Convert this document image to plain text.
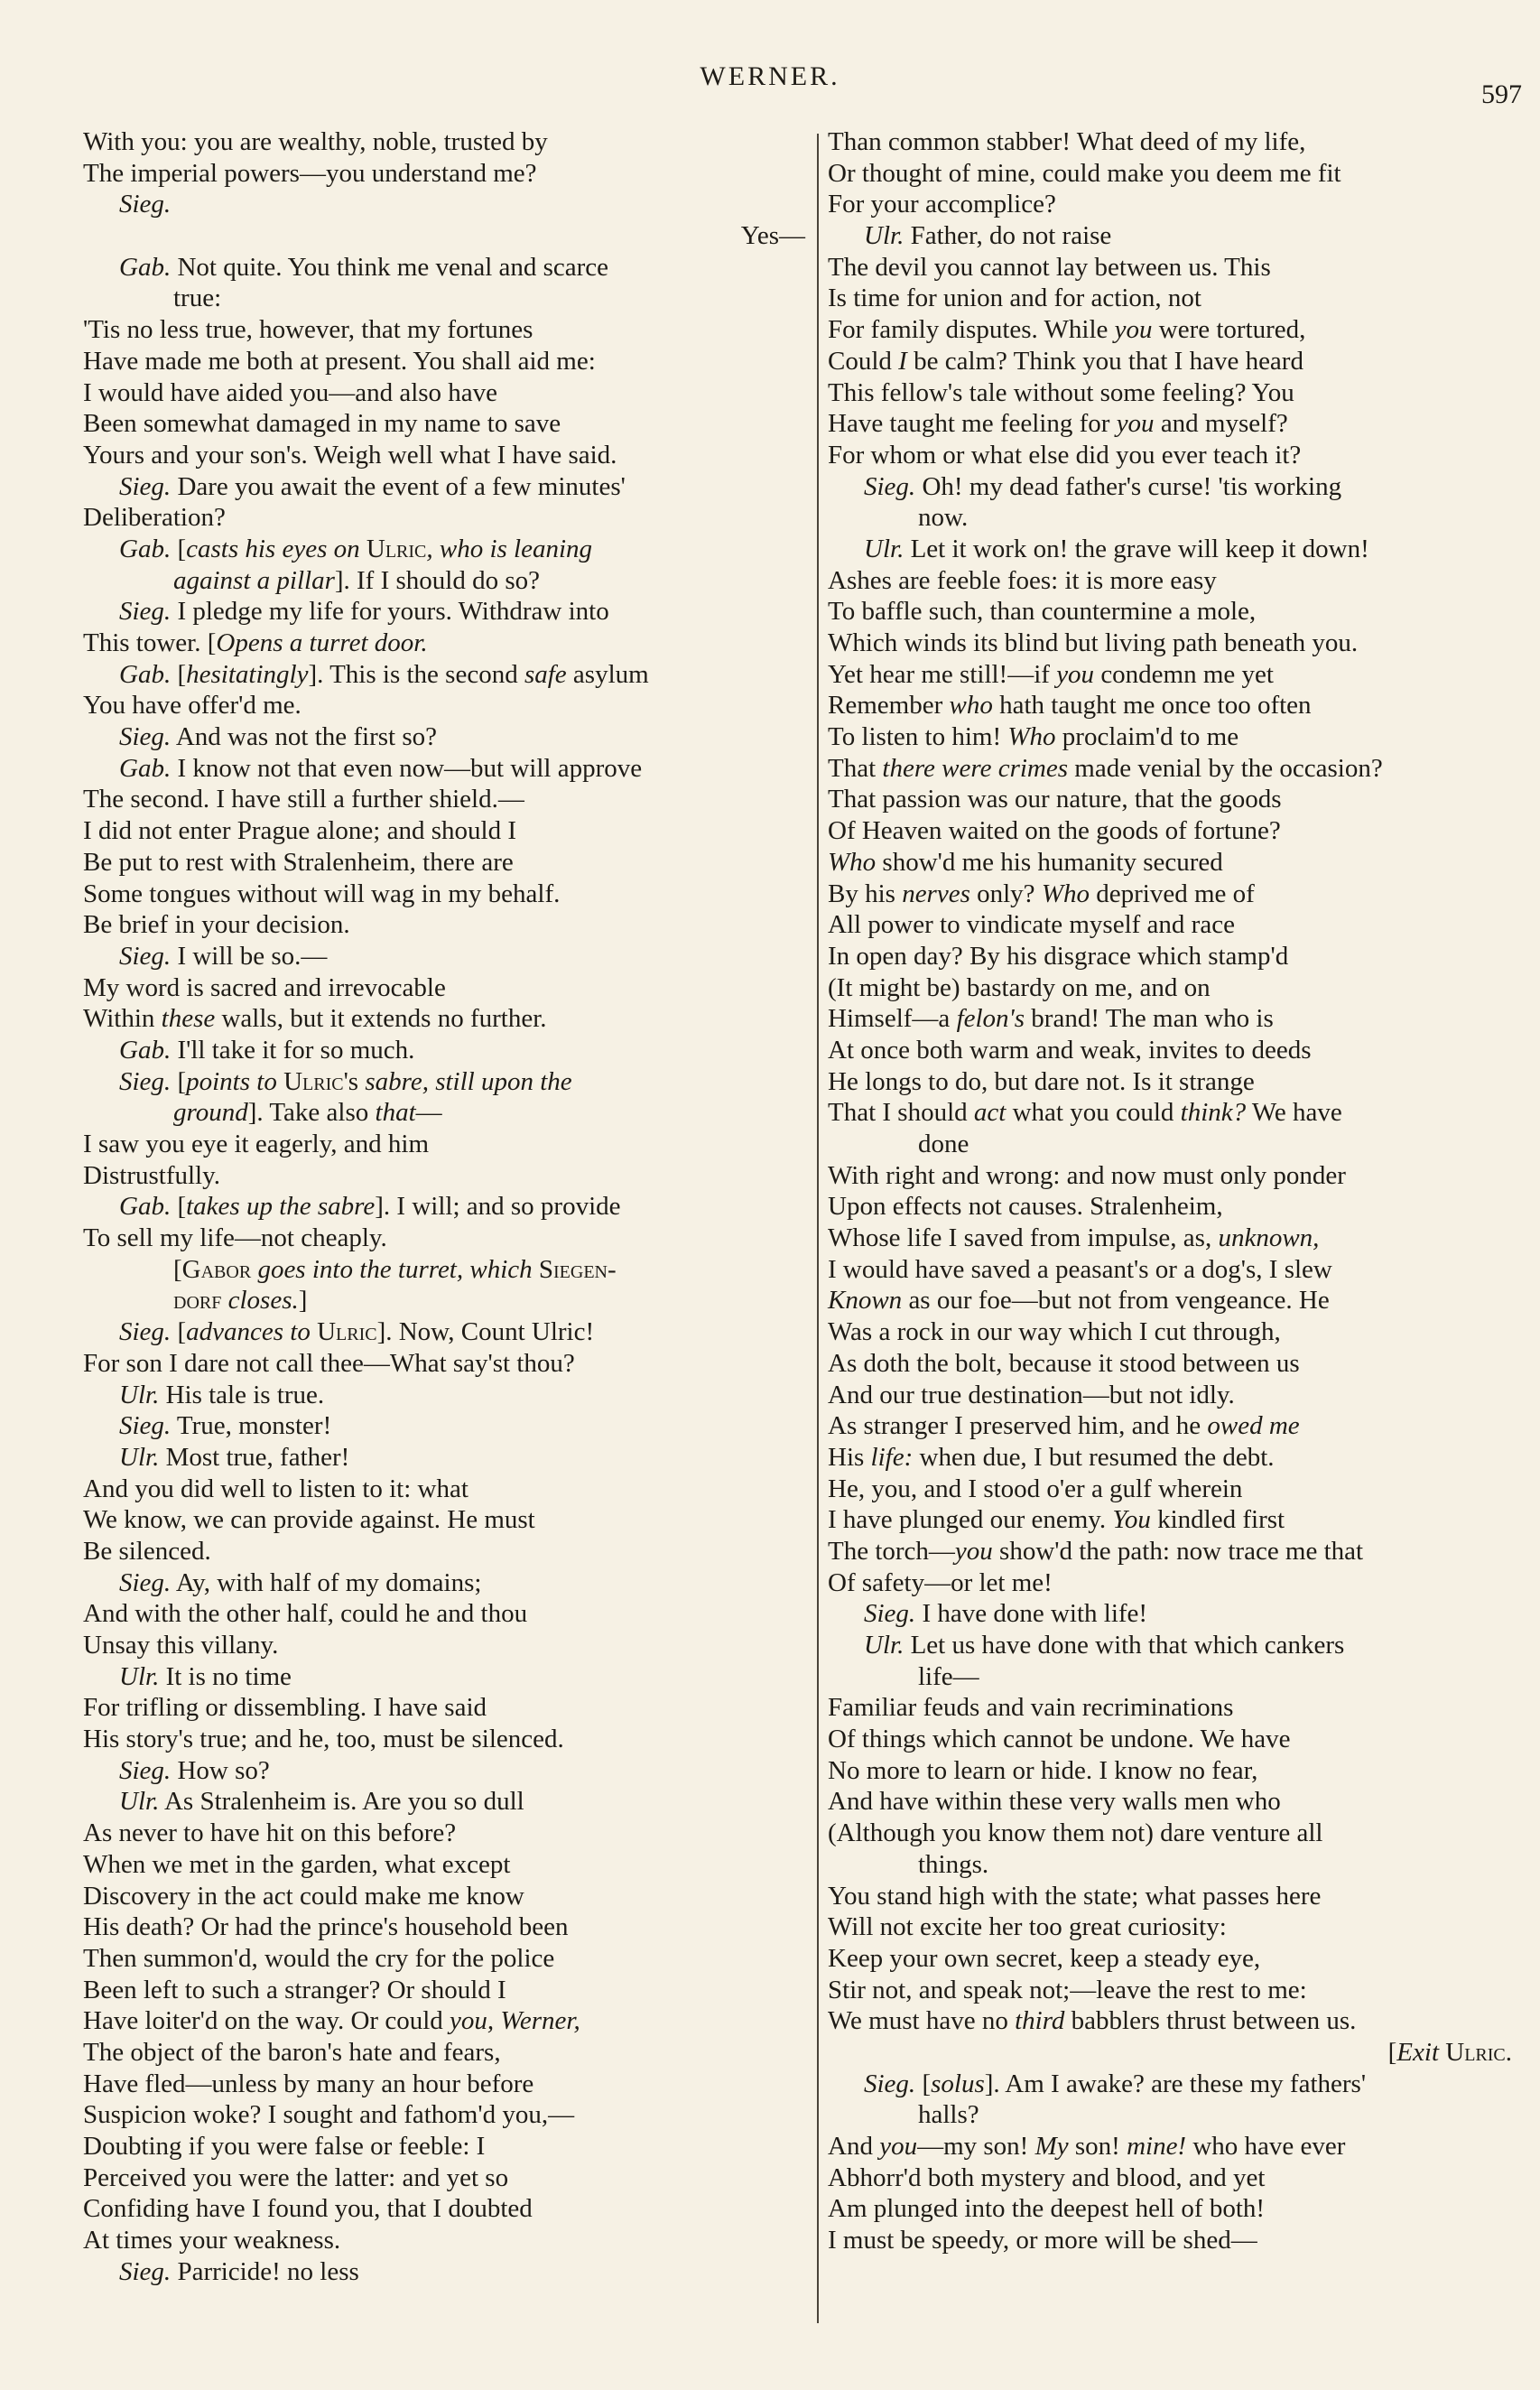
WERNER.
597
With you: you are wealthy, noble, trusted by
The imperial powers—you understand me?
Sieg.
Yes—
Gab. Not quite. You think me venal and scarce
true:
'Tis no less true, however, that my fortunes
Have made me both at present. You shall aid me:
I would have aided you—and also have
Been somewhat damaged in my name to save
Yours and your son's. Weigh well what I have said.
Sieg. Dare you await the event of a few minutes'
Deliberation?
Gab. [casts his eyes on Ulric, who is leaning
against a pillar]. If I should do so?
Sieg. I pledge my life for yours. Withdraw into
This tower. [Opens a turret door.
Gab. [hesitatingly]. This is the second safe asylum
You have offer'd me.
Sieg. And was not the first so?
Gab. I know not that even now—but will approve
The second. I have still a further shield.—
I did not enter Prague alone; and should I
Be put to rest with Stralenheim, there are
Some tongues without will wag in my behalf.
Be brief in your decision.
Sieg. I will be so.—
My word is sacred and irrevocable
Within these walls, but it extends no further.
Gab. I'll take it for so much.
Sieg. [points to Ulric's sabre, still upon the
ground]. Take also that—
I saw you eye it eagerly, and him
Distrustfully.
Gab. [takes up the sabre]. I will; and so provide
To sell my life—not cheaply.
[Gabor goes into the turret, which Siegen-
dorf closes.]
Sieg. [advances to Ulric]. Now, Count Ulric!
For son I dare not call thee—What say'st thou?
Ulr. His tale is true.
Sieg. True, monster!
Ulr. Most true, father!
And you did well to listen to it: what
We know, we can provide against. He must
Be silenced.
Sieg. Ay, with half of my domains;
And with the other half, could he and thou
Unsay this villany.
Ulr. It is no time
For trifling or dissembling. I have said
His story's true; and he, too, must be silenced.
Sieg. How so?
Ulr. As Stralenheim is. Are you so dull
As never to have hit on this before?
When we met in the garden, what except
Discovery in the act could make me know
His death? Or had the prince's household been
Then summon'd, would the cry for the police
Been left to such a stranger? Or should I
Have loiter'd on the way. Or could you, Werner,
The object of the baron's hate and fears,
Have fled—unless by many an hour before
Suspicion woke? I sought and fathom'd you,—
Doubting if you were false or feeble: I
Perceived you were the latter: and yet so
Confiding have I found you, that I doubted
At times your weakness.
Sieg. Parricide! no less
Than common stabber! What deed of my life,
Or thought of mine, could make you deem me fit
For your accomplice?
Ulr. Father, do not raise
The devil you cannot lay between us. This
Is time for union and for action, not
For family disputes. While you were tortured,
Could I be calm? Think you that I have heard
This fellow's tale without some feeling? You
Have taught me feeling for you and myself?
For whom or what else did you ever teach it?
Sieg. Oh! my dead father's curse! 'tis working
now.
Ulr. Let it work on! the grave will keep it down!
Ashes are feeble foes: it is more easy
To baffle such, than countermine a mole,
Which winds its blind but living path beneath you.
Yet hear me still!—if you condemn me yet
Remember who hath taught me once too often
To listen to him! Who proclaim'd to me
That there were crimes made venial by the occasion?
That passion was our nature, that the goods
Of Heaven waited on the goods of fortune?
Who show'd me his humanity secured
By his nerves only? Who deprived me of
All power to vindicate myself and race
In open day? By his disgrace which stamp'd
(It might be) bastardy on me, and on
Himself—a felon's brand! The man who is
At once both warm and weak, invites to deeds
He longs to do, but dare not. Is it strange
That I should act what you could think? We have
done
With right and wrong: and now must only ponder
Upon effects not causes. Stralenheim,
Whose life I saved from impulse, as, unknown,
I would have saved a peasant's or a dog's, I slew
Known as our foe—but not from vengeance. He
Was a rock in our way which I cut through,
As doth the bolt, because it stood between us
And our true destination—but not idly.
As stranger I preserved him, and he owed me
His life: when due, I but resumed the debt.
He, you, and I stood o'er a gulf wherein
I have plunged our enemy. You kindled first
The torch—you show'd the path: now trace me that
Of safety—or let me!
Sieg. I have done with life!
Ulr. Let us have done with that which cankers
life—
Familiar feuds and vain recriminations
Of things which cannot be undone. We have
No more to learn or hide. I know no fear,
And have within these very walls men who
(Although you know them not) dare venture all
things.
You stand high with the state; what passes here
Will not excite her too great curiosity:
Keep your own secret, keep a steady eye,
Stir not, and speak not;—leave the rest to me:
We must have no third babblers thrust between us.
[Exit Ulric.
Sieg. [solus]. Am I awake? are these my fathers'
halls?
And you—my son! My son! mine! who have ever
Abhorr'd both mystery and blood, and yet
Am plunged into the deepest hell of both!
I must be speedy, or more will be shed—
